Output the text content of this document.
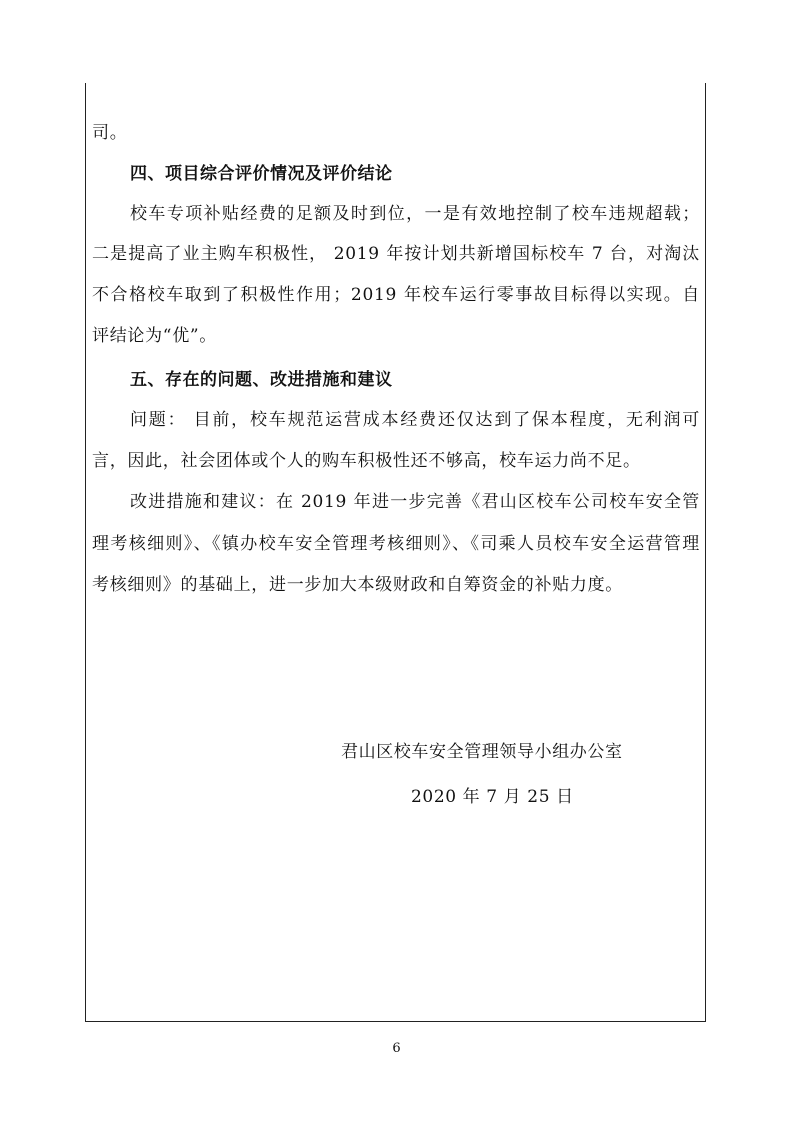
司。
四、项目综合评价情况及评价结论
校车专项补贴经费的足额及时到位，一是有效地控制了校车违规超载；
二是提高了业主购车积极性， 2019 年按计划共新增国标校车 7 台，对淘汰
不合格校车取到了积极性作用；2019 年校车运行零事故目标得以实现。自
评结论为“优”。
五、存在的问题、改进措施和建议
问题： 目前，校车规范运营成本经费还仅达到了保本程度，无利润可
言，因此，社会团体或个人的购车积极性还不够高，校车运力尚不足。
改进措施和建议：在 2019 年进一步完善《君山区校车公司校车安全管
理考核细则》、《镇办校车安全管理考核细则》、《司乘人员校车安全运营管理
考核细则》的基础上，进一步加大本级财政和自筹资金的补贴力度。
君山区校车安全管理领导小组办公室
2020 年 7 月 25 日
6
